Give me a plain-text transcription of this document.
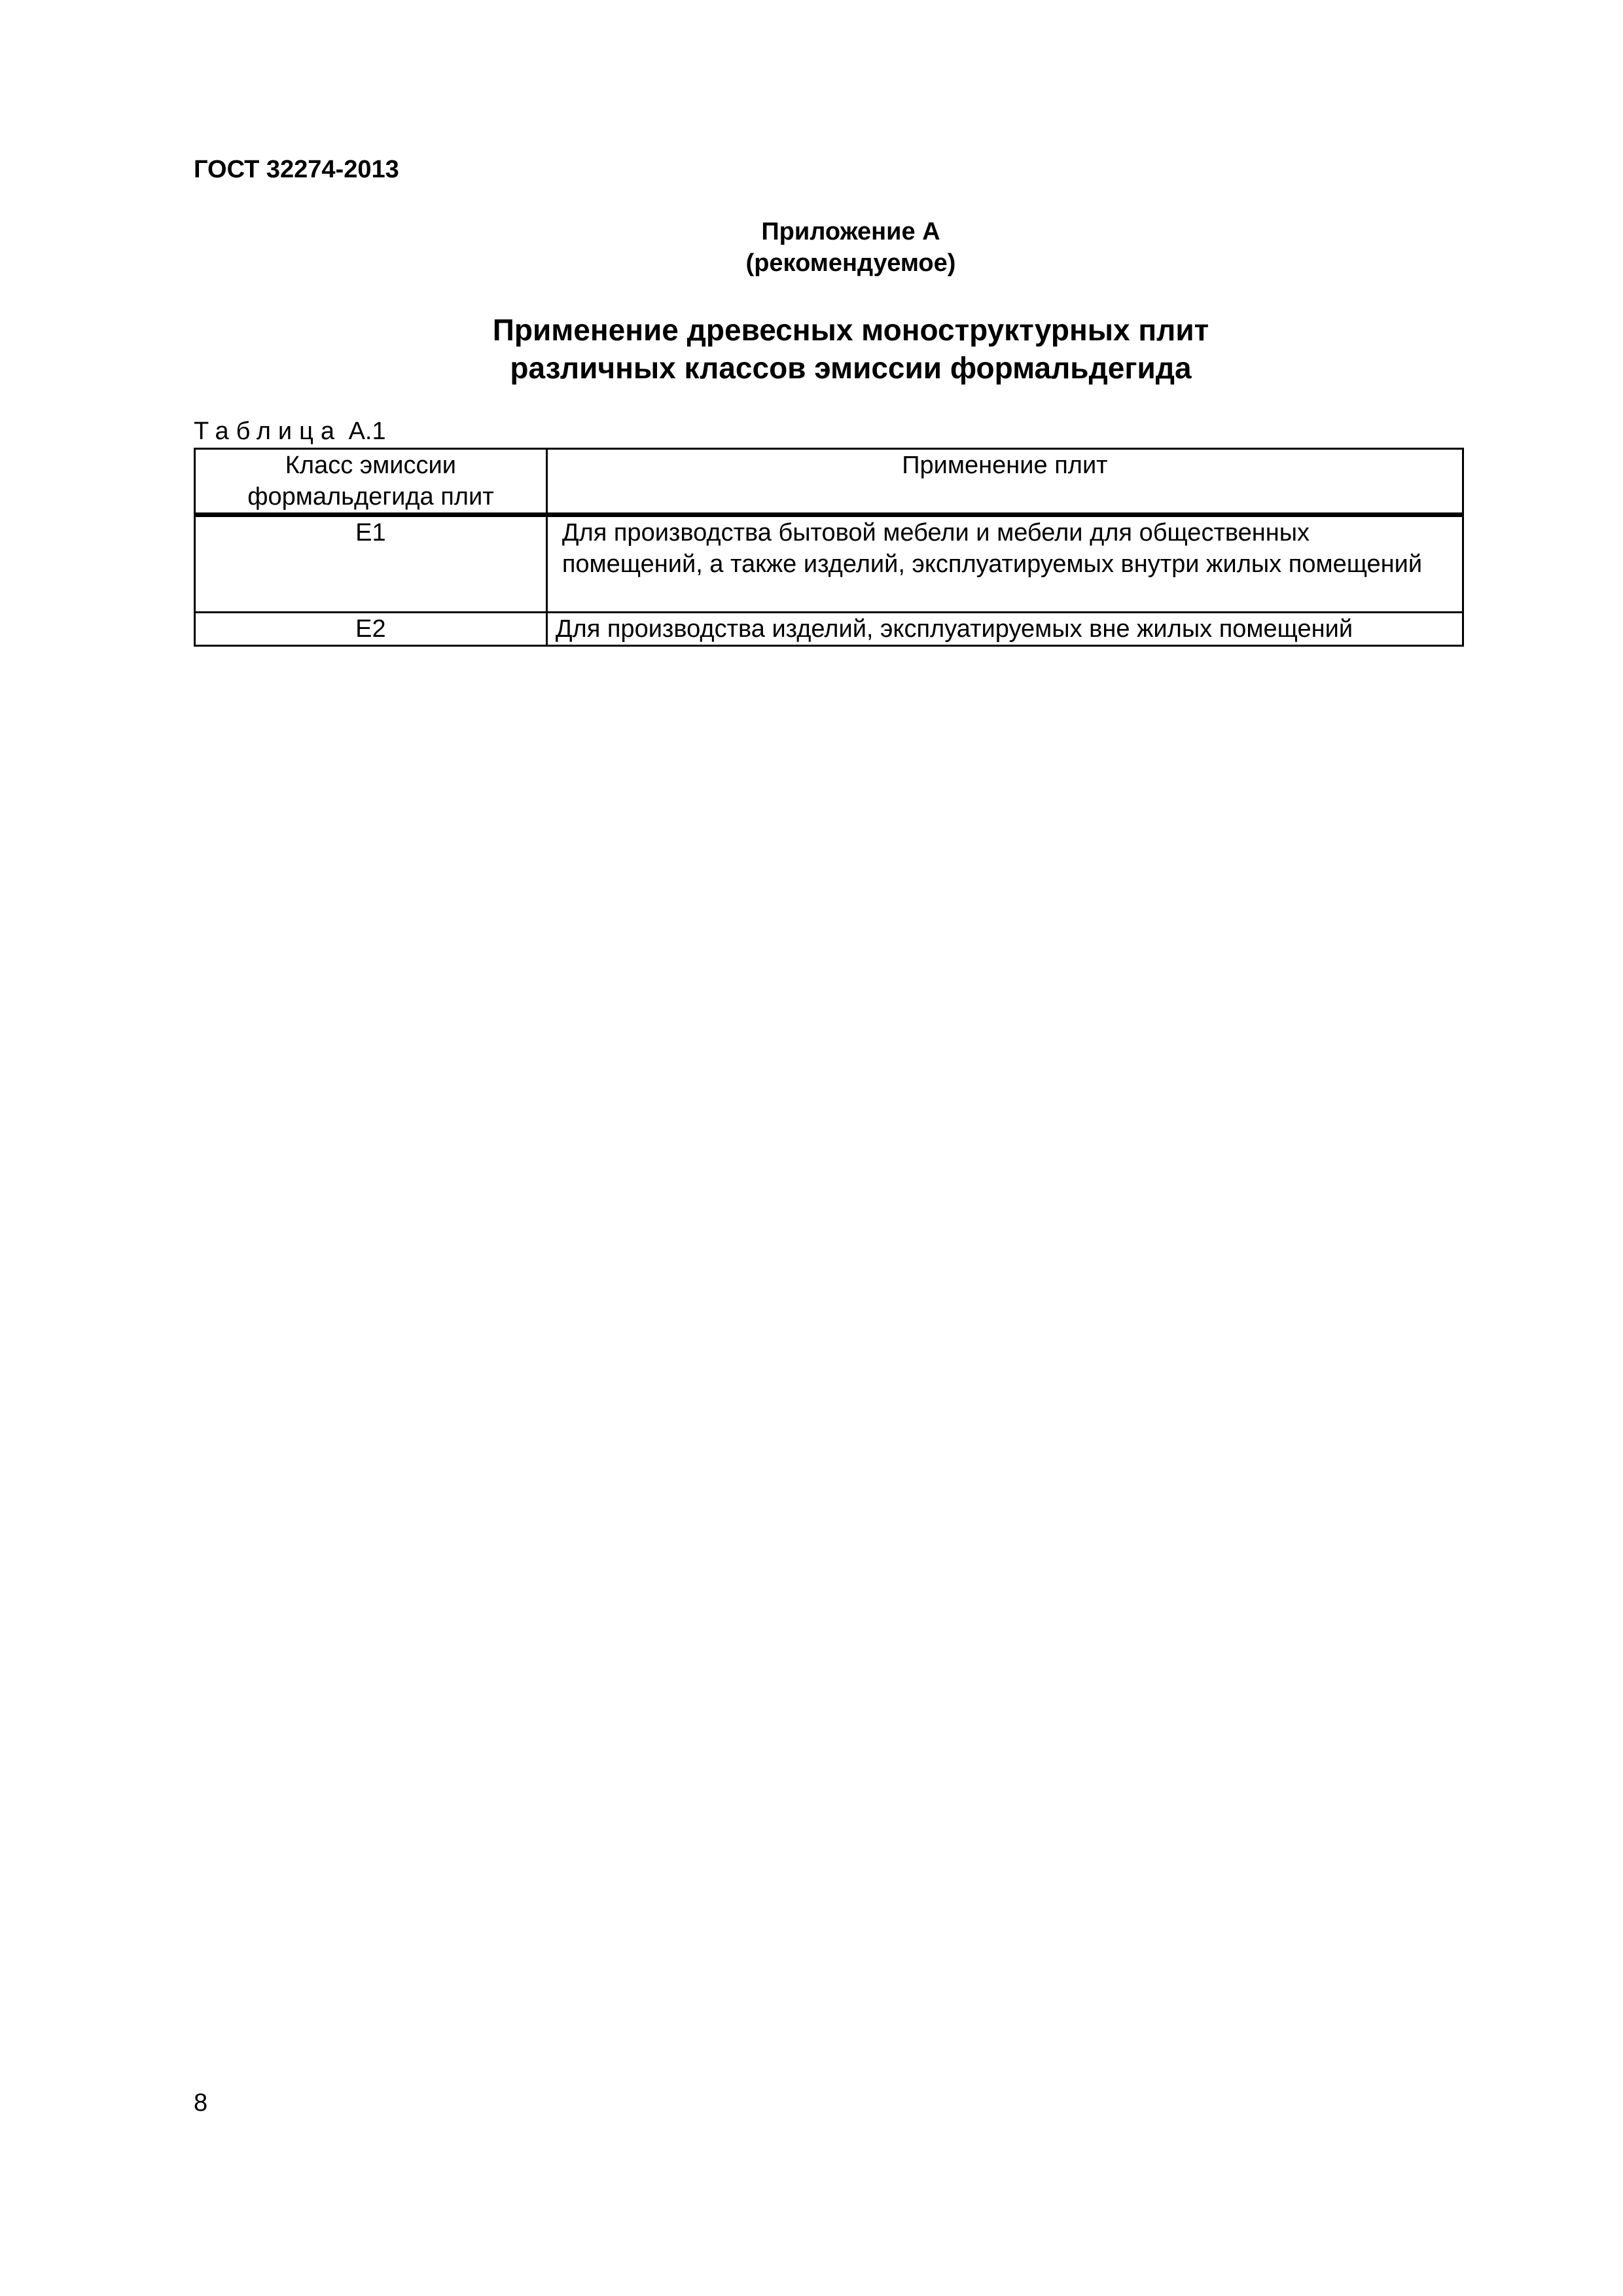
ГОСТ 32274-2013
Приложение А
(рекомендуемое)
Применение древесных моноструктурных плит
различных классов эмиссии формальдегида
Таблица А.1
Класс эмиссии
формальдегида плит	Применение плит
Е1	Для производства бытовой мебели и мебели для общественных помещений, а также изделий, эксплуатируемых внутри жилых помещений
Е2	Для производства изделий, эксплуатируемых вне жилых помещений
8
